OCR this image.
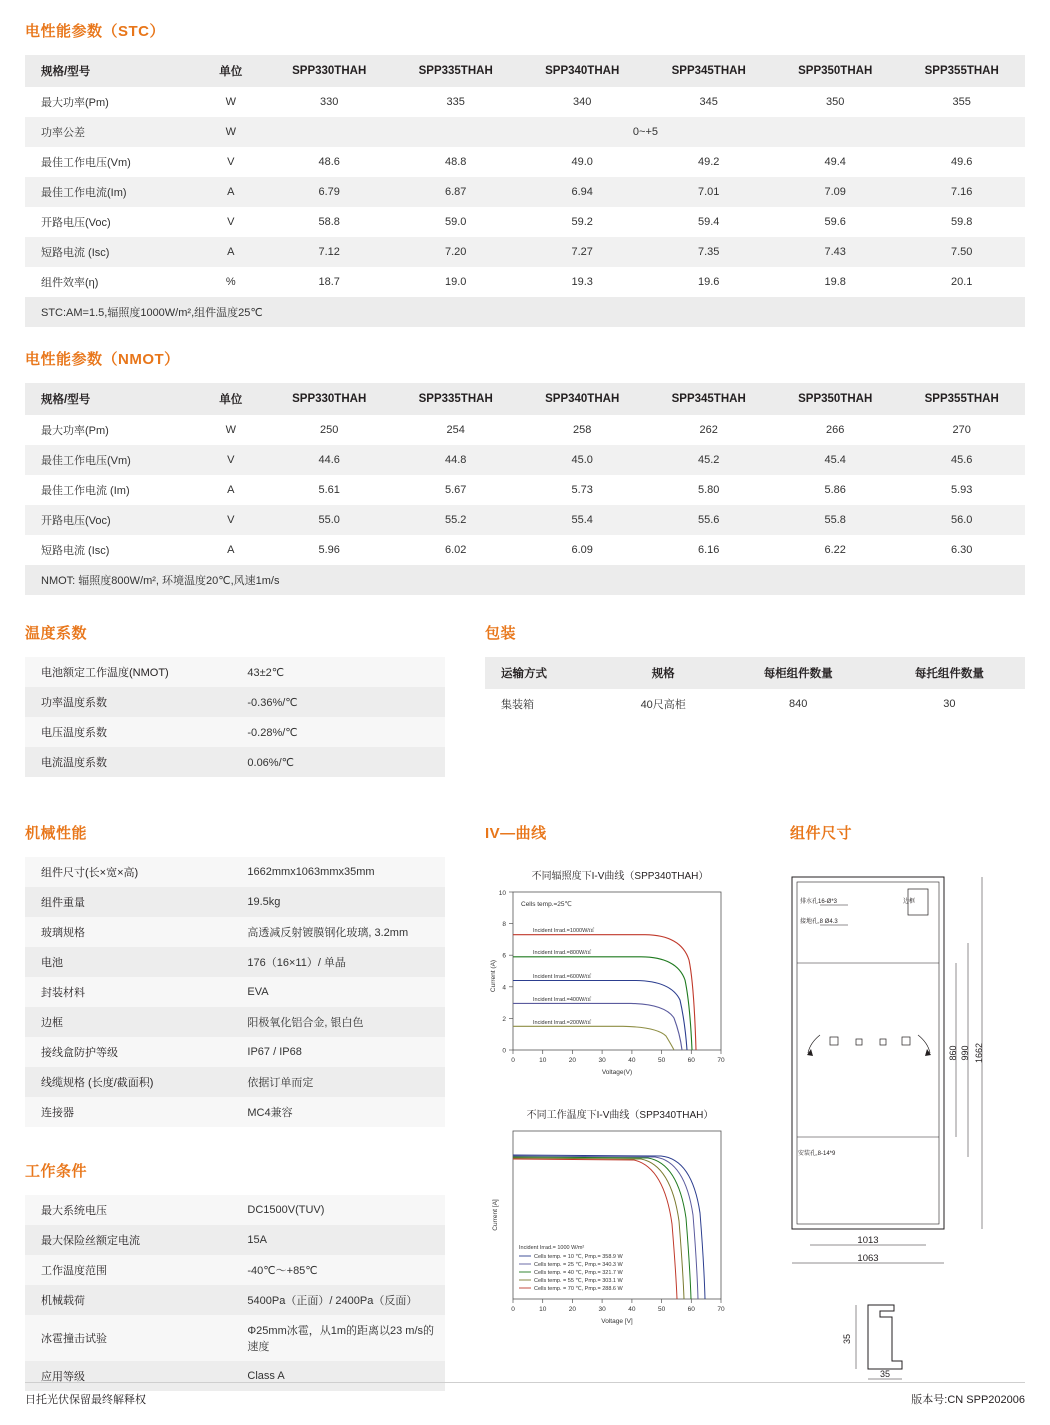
电性能参数（STC）
规格/型号	单位	SPP330THAH	SPP335THAH	SPP340THAH	SPP345THAH	SPP350THAH	SPP355THAH
最大功率(Pm)	W	330	335	340	345	350	355
功率公差	W	0~+5					
最佳工作电压(Vm)	V	48.6	48.8	49.0	49.2	49.4	49.6
最佳工作电流(Im)	A	6.79	6.87	6.94	7.01	7.09	7.16
开路电压(Voc)	V	58.8	59.0	59.2	59.4	59.6	59.8
短路电流 (Isc)	A	7.12	7.20	7.27	7.35	7.43	7.50
组件效率(η)	%	18.7	19.0	19.3	19.6	19.8	20.1
STC:AM=1.5,辐照度1000W/m²,组件温度25℃							
电性能参数（NMOT）
规格/型号	单位	SPP330THAH	SPP335THAH	SPP340THAH	SPP345THAH	SPP350THAH	SPP355THAH
最大功率(Pm)	W	250	254	258	262	266	270
最佳工作电压(Vm)	V	44.6	44.8	45.0	45.2	45.4	45.6
最佳工作电流 (Im)	A	5.61	5.67	5.73	5.80	5.86	5.93
开路电压(Voc)	V	55.0	55.2	55.4	55.6	55.8	56.0
短路电流 (Isc)	A	5.96	6.02	6.09	6.16	6.22	6.30
NMOT: 辐照度800W/m², 环境温度20℃,风速1m/s							
温度系数
电池额定工作温度(NMOT)	43±2℃
功率温度系数	-0.36%/℃
电压温度系数	-0.28%/℃
电流温度系数	0.06%/℃
包装
运输方式	规格	每柜组件数量	每托组件数量
集装箱	40尺高柜	840	30
机械性能
组件尺寸(长×宽×高)	1662mmx1063mmx35mm
组件重量	19.5kg
玻璃规格	高透减反射镀膜钢化玻璃, 3.2mm
电池	176（16×11）/ 单晶
封装材料	EVA
边框	阳极氧化铝合金, 银白色
接线盒防护等级	IP67 / IP68
线缆规格 (长度/截面积)	依据订单而定
连接器	MC4兼容
工作条件
最大系统电压	DC1500V(TUV)
最大保险丝额定电流	15A
工作温度范围	-40℃～+85℃
机械载荷	5400Pa（正面）/ 2400Pa（反面）
冰雹撞击试验	Φ25mm冰雹，从1m的距离以23 m/s的速度
应用等级	Class A
IV—曲线
不同辐照度下I-V曲线（SPP340THAH）
0
2
4
6
8
10
0	10	20	30	40	50	60	70
Voltage(V)
Current (A)
Cells temp.=25℃
Incident Irrad.=1000W/㎡
Incident Irrad.=800W/㎡
Incident Irrad.=600W/㎡
Incident Irrad.=400W/㎡
Incident Irrad.=200W/㎡
不同工作温度下I-V曲线（SPP340THAH）
0	10	20	30	40	50	60	70
Voltage [V]
Current [A]
Incident Irrad.= 1000 W/m²
Cells temp. = 10 ℃, Pmp.= 358.9 W
Cells temp. = 25 ℃, Pmp.= 340.3 W
Cells temp. = 40 ℃, Pmp.= 321.7 W
Cells temp. = 55 ℃, Pmp.= 303.1 W
Cells temp. = 70 ℃, Pmp.= 288.6 W
组件尺寸
排水孔16-Ø*3	边框
接地孔,8 Ø4.3
安装孔,8-14*9
860 990 1662
1013
1063
35
35
日托光伏保留最终解释权	版本号:CN SPP202006
